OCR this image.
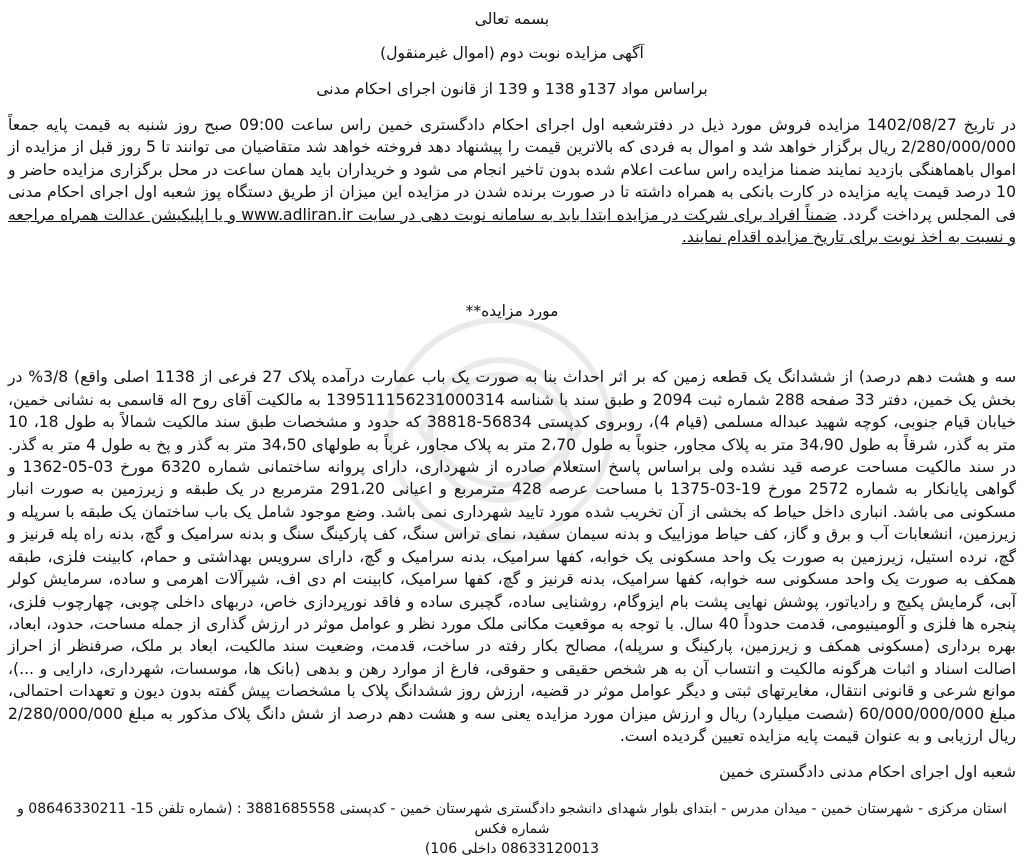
بسمه تعالی

آگهی مزایده نوبت دوم (اموال غیرمنقول)

براساس مواد 137و 138 و 139 از قانون اجرای احکام مدنی

در تاریخ 1402/08/27 مزایده فروش مورد ذیل در دفترشعبه اول اجرای احکام دادگستری خمین راس ساعت 09:00 صبح روز شنبه به قیمت پایه جمعاً 2/280/000/000 ریال برگزار خواهد شد و اموال به فردی که بالاترین قیمت را پیشنهاد دهد فروخته خواهد شد متقاضیان می توانند تا 5 روز قبل از مزایده از اموال باهماهنگی بازدید نمایند ضمنا مزایده راس ساعت اعلام شده بدون تاخیر انجام می شود و خریداران باید همان ساعت در محل برگزاری مزایده حاضر و 10 درصد قیمت پایه مزایده در کارت بانکی به همراه داشته تا در صورت برنده شدن در مزایده این میزان از طریق دستگاه پوز شعبه اول اجرای احکام مدنی فی المجلس پرداخت گردد. ضمناً افراد برای شرکت در مزایده ابتدا باید به سامانه نوبت دهی در سایت www.adliran.ir و یا اپلیکیشن عدالت همراه مراجعه و نسبت به اخذ نوبت برای تاریخ مزایده اقدام نمایند.

مورد مزایده**

سه و هشت دهم درصد) از ششدانگ یک قطعه زمین که بر اثر احداث بنا به صورت یک باب عمارت درآمده پلاک 27 فرعی از 1138 اصلی واقع) 3/8% در بخش یک خمین، دفتر 33 صفحه 288 شماره ثبت 2094 و طبق سند با شناسه 139511156231000314 به مالکیت آقای روح اله قاسمی به نشانی خمین، خیابان قیام جنوبی، کوچه شهید عبداله مسلمی (قیام 4)، روبروی کدپستی 56834-38818 که حدود و مشخصات طبق سند مالکیت شمالاً به طول 18، 10 متر به گذر، شرقاً به طول 34،90 متر به پلاک مجاور، جنوباً به طول 2،70 متر به پلاک مجاور، غرباً به طولهای 34،50 متر به گذر و پخ به طول 4 متر به گذر. در سند مالکیت مساحت عرصه قید نشده ولی براساس پاسخ استعلام صادره از شهرداری، دارای پروانه ساختمانی شماره 6320 مورخ 03-05-1362 و گواهی پایانکار به شماره 2572 مورخ 19-03-1375 با مساحت عرصه 428 مترمربع و اعیانی 291،20 مترمربع در یک طبقه و زیرزمین به صورت انبار مسکونی می باشد. انباری داخل حیاط که بخشی از آن تخریب شده مورد تایید شهرداری نمی باشد. وضع موجود شامل یک باب ساختمان یک طبقه با سرپله و زیرزمین، انشعابات آب و برق و گاز، کف حیاط موزاییک و بدنه سیمان سفید، نمای تراس سنگ، کف پارکینگ سنگ و بدنه سرامیک و گچ، بدنه راه پله قرنیز و گچ، نرده استیل، زیرزمین به صورت یک واحد مسکونی یک خوابه، کفها سرامیک، بدنه سرامیک و گچ، دارای سرویس بهداشتی و حمام، کابینت فلزی، طبقه همکف به صورت یک واحد مسکونی سه خوابه، کفها سرامیک، بدنه قرنیز و گچ، کفها سرامیک، کابینت ام دی اف، شیرآلات اهرمی و ساده، سرمایش کولر آبی، گرمایش پکیج و رادیاتور، پوشش نهایی پشت بام ایزوگام، روشنایی ساده، گچبری ساده و فاقد نورپردازی خاص، دربهای داخلی چوبی، چهارچوب فلزی، پنجره ها فلزی و آلومینیومی، قدمت حدوداً 40 سال. با توجه به موقعیت مکانی ملک مورد نظر و عوامل موثر در ارزش گذاری از جمله مساحت، حدود، ابعاد، بهره برداری (مسکونی همکف و زیرزمین، پارکینگ و سرپله)، مصالح بکار رفته در ساخت، قدمت، وضعیت سند مالکیت، ابعاد بر ملک، صرفنظر از احراز اصالت اسناد و اثبات هرگونه مالکیت و انتساب آن به هر شخص حقیقی و حقوقی، فارغ از موارد رهن و بدهی (بانک ها، موسسات، شهرداری، دارایی و ...)، موانع شرعی و قانونی انتقال، مغایرتهای ثبتی و دیگر عوامل موثر در قضیه، ارزش روز ششدانگ پلاک با مشخصات پیش گفته بدون دیون و تعهدات احتمالی، مبلغ 60/000/000/000 (شصت میلیارد) ریال و ارزش میزان مورد مزایده یعنی سه و هشت دهم درصد از شش دانگ پلاک مذکور به مبلغ 2/280/000/000 ریال ارزیابی و به عنوان قیمت پایه مزایده تعیین گردیده است.

شعبه اول اجرای احکام مدنی دادگستری خمین

استان مرکزی - شهرستان خمین - میدان مدرس - ابتدای بلوار شهدای دانشجو دادگستری شهرستان خمین - کدپستی 3881685558 : (شماره تلفن 15- 08646330211 و شماره فکس
08633120013 داخلی 106)
